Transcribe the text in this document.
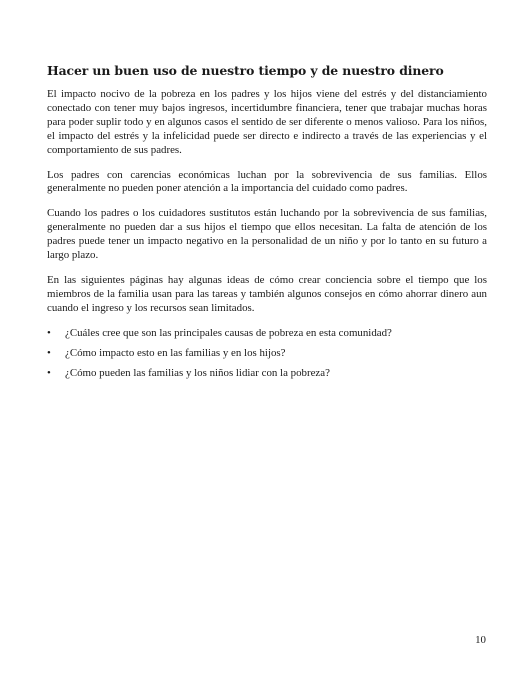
Hacer un buen uso de nuestro tiempo y de nuestro dinero

El impacto nocivo de la pobreza en los padres y los hijos viene del estrés y del distanciamiento conectado con tener muy bajos ingresos, incertidumbre financiera, tener que trabajar muchas horas para poder suplir todo y en algunos casos el sentido de ser diferente o menos valioso. Para los niños, el impacto del estrés y la infelicidad puede ser directo e indirecto a través de las experiencias y el comportamiento de sus padres.

Los padres con carencias económicas luchan por la sobrevivencia de sus familias. Ellos generalmente no pueden poner atención a la importancia del cuidado como padres.

Cuando los padres o los cuidadores sustitutos están luchando por la sobrevivencia de sus familias, generalmente no pueden dar a sus hijos el tiempo que ellos necesitan. La falta de atención de los padres puede tener un impacto negativo en la personalidad de un niño y por lo tanto en su futuro a largo plazo.

En las siguientes páginas hay algunas ideas de cómo crear conciencia sobre el tiempo que los miembros de la familia usan para las tareas y también algunos consejos en cómo ahorrar dinero aun cuando el ingreso y los recursos sean limitados.

• ¿Cuáles cree que son las principales causas de pobreza en esta comunidad?
• ¿Cómo impacto esto en las familias y en los hijos?
• ¿Cómo pueden las familias y los niños lidiar con la pobreza?
10
